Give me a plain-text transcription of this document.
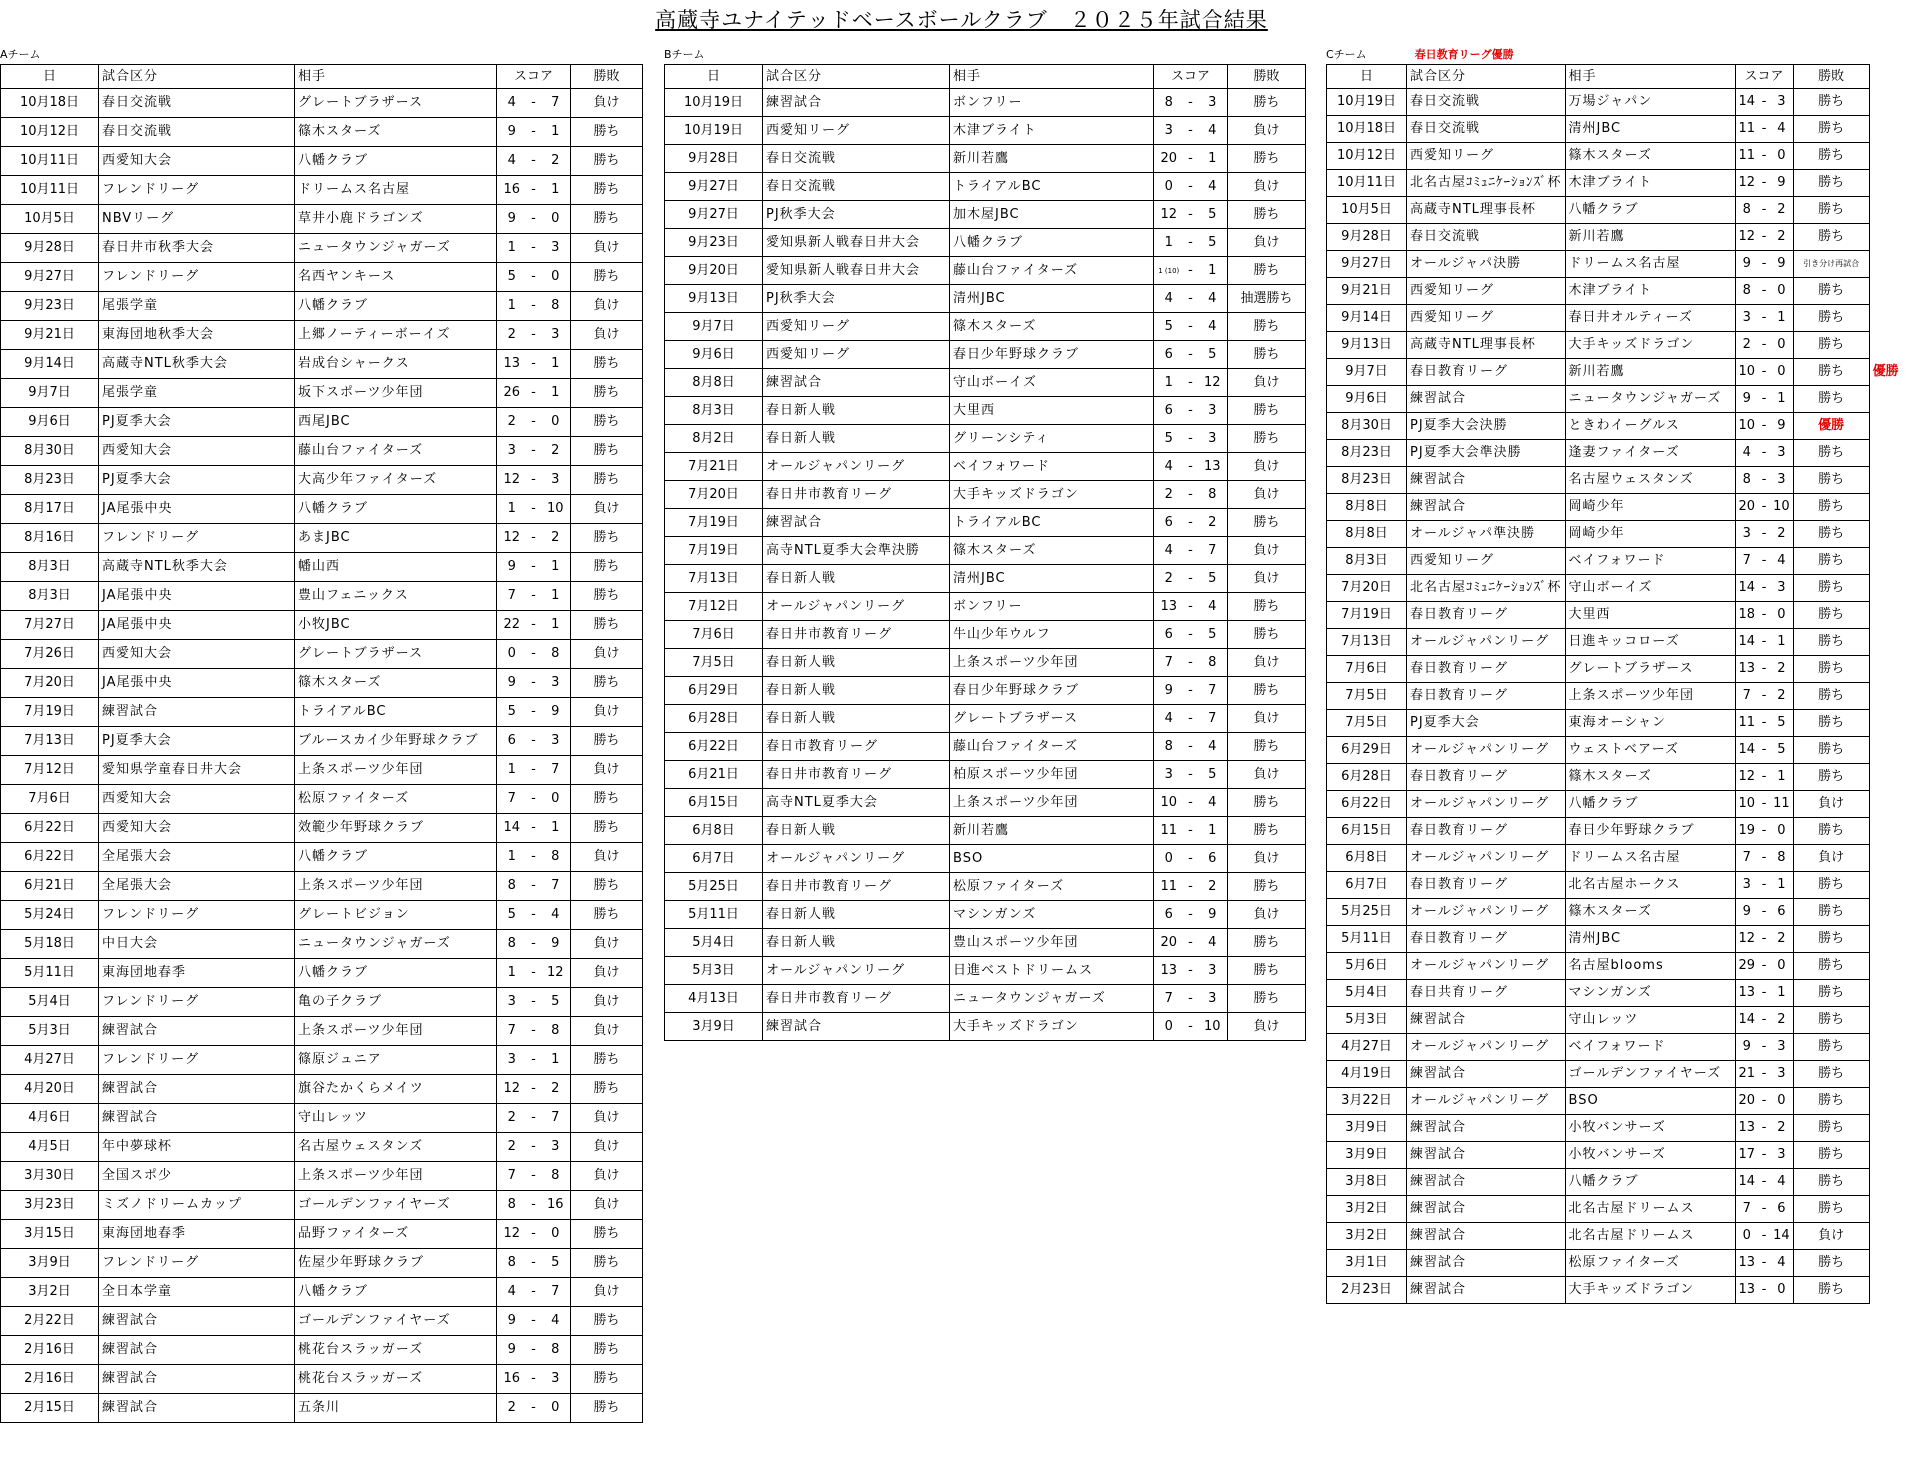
高蔵寺ユナイテッドベースボールクラブ　２０２５年試合結果
Aチーム
日	試合区分	相手	スコア			勝敗
10月18日	春日交流戦	グレートブラザース	4	-	7	負け
10月12日	春日交流戦	篠木スターズ	9	-	1	勝ち
10月11日	西愛知大会	八幡クラブ	4	-	2	勝ち
10月11日	フレンドリーグ	ドリームス名古屋	16	-	1	勝ち
10月5日	NBVリーグ	草井小鹿ドラゴンズ	9	-	0	勝ち
9月28日	春日井市秋季大会	ニュータウンジャガーズ	1	-	3	負け
9月27日	フレンドリーグ	名西ヤンキース	5	-	0	勝ち
9月23日	尾張学童	八幡クラブ	1	-	8	負け
9月21日	東海団地秋季大会	上郷ノーティーボーイズ	2	-	3	負け
9月14日	高蔵寺NTL秋季大会	岩成台シャークス	13	-	1	勝ち
9月7日	尾張学童	坂下スポーツ少年団	26	-	1	勝ち
9月6日	PJ夏季大会	西尾JBC	2	-	0	勝ち
8月30日	西愛知大会	藤山台ファイターズ	3	-	2	勝ち
8月23日	PJ夏季大会	大高少年ファイターズ	12	-	3	勝ち
8月17日	JA尾張中央	八幡クラブ	1	-	10	負け
8月16日	フレンドリーグ	あまJBC	12	-	2	勝ち
8月3日	高蔵寺NTL秋季大会	幡山西	9	-	1	勝ち
8月3日	JA尾張中央	豊山フェニックス	7	-	1	勝ち
7月27日	JA尾張中央	小牧JBC	22	-	1	勝ち
7月26日	西愛知大会	グレートブラザース	0	-	8	負け
7月20日	JA尾張中央	篠木スターズ	9	-	3	勝ち
7月19日	練習試合	トライアルBC	5	-	9	負け
7月13日	PJ夏季大会	ブルースカイ少年野球クラブ	6	-	3	勝ち
7月12日	愛知県学童春日井大会	上条スポーツ少年団	1	-	7	負け
7月6日	西愛知大会	松原ファイターズ	7	-	0	勝ち
6月22日	西愛知大会	效範少年野球クラブ	14	-	1	勝ち
6月22日	全尾張大会	八幡クラブ	1	-	8	負け
6月21日	全尾張大会	上条スポーツ少年団	8	-	7	勝ち
5月24日	フレンドリーグ	グレートビジョン	5	-	4	勝ち
5月18日	中日大会	ニュータウンジャガーズ	8	-	9	負け
5月11日	東海団地春季	八幡クラブ	1	-	12	負け
5月4日	フレンドリーグ	亀の子クラブ	3	-	5	負け
5月3日	練習試合	上条スポーツ少年団	7	-	8	負け
4月27日	フレンドリーグ	篠原ジュニア	3	-	1	勝ち
4月20日	練習試合	旗谷たかくらメイツ	12	-	2	勝ち
4月6日	練習試合	守山レッツ	2	-	7	負け
4月5日	年中夢球杯	名古屋ウェスタンズ	2	-	3	負け
3月30日	全国スポ少	上条スポーツ少年団	7	-	8	負け
3月23日	ミズノドリームカップ	ゴールデンファイヤーズ	8	-	16	負け
3月15日	東海団地春季	品野ファイターズ	12	-	0	勝ち
3月9日	フレンドリーグ	佐屋少年野球クラブ	8	-	5	勝ち
3月2日	全日本学童	八幡クラブ	4	-	7	負け
2月22日	練習試合	ゴールデンファイヤーズ	9	-	4	勝ち
2月16日	練習試合	桃花台スラッガーズ	9	-	8	勝ち
2月16日	練習試合	桃花台スラッガーズ	16	-	3	勝ち
2月15日	練習試合	五条川	2	-	0	勝ち
Bチーム
日	試合区分	相手	スコア			勝敗
10月19日	練習試合	ボンフリー	8	-	3	勝ち
10月19日	西愛知リーグ	木津ブライト	3	-	4	負け
9月28日	春日交流戦	新川若鷹	20	-	1	勝ち
9月27日	春日交流戦	トライアルBC	0	-	4	負け
9月27日	PJ秋季大会	加木屋JBC	12	-	5	勝ち
9月23日	愛知県新人戦春日井大会	八幡クラブ	1	-	5	負け
9月20日	愛知県新人戦春日井大会	藤山台ファイターズ	1 (10)	-	1	勝ち
9月13日	PJ秋季大会	清州JBC	4	-	4	抽選勝ち
9月7日	西愛知リーグ	篠木スターズ	5	-	4	勝ち
9月6日	西愛知リーグ	春日少年野球クラブ	6	-	5	勝ち
8月8日	練習試合	守山ボーイズ	1	-	12	負け
8月3日	春日新人戦	大里西	6	-	3	勝ち
8月2日	春日新人戦	グリーンシティ	5	-	3	勝ち
7月21日	オールジャパンリーグ	ベイフォワード	4	-	13	負け
7月20日	春日井市教育リーグ	大手キッズドラゴン	2	-	8	負け
7月19日	練習試合	トライアルBC	6	-	2	勝ち
7月19日	高寺NTL夏季大会準決勝	篠木スターズ	4	-	7	負け
7月13日	春日新人戦	清州JBC	2	-	5	負け
7月12日	オールジャパンリーグ	ボンフリー	13	-	4	勝ち
7月6日	春日井市教育リーグ	牛山少年ウルフ	6	-	5	勝ち
7月5日	春日新人戦	上条スポーツ少年団	7	-	8	負け
6月29日	春日新人戦	春日少年野球クラブ	9	-	7	勝ち
6月28日	春日新人戦	グレートブラザース	4	-	7	負け
6月22日	春日市教育リーグ	藤山台ファイターズ	8	-	4	勝ち
6月21日	春日井市教育リーグ	柏原スポーツ少年団	3	-	5	負け
6月15日	高寺NTL夏季大会	上条スポーツ少年団	10	-	4	勝ち
6月8日	春日新人戦	新川若鷹	11	-	1	勝ち
6月7日	オールジャパンリーグ	BSO	0	-	6	負け
5月25日	春日井市教育リーグ	松原ファイターズ	11	-	2	勝ち
5月11日	春日新人戦	マシンガンズ	6	-	9	負け
5月4日	春日新人戦	豊山スポーツ少年団	20	-	4	勝ち
5月3日	オールジャパンリーグ	日進ベストドリームス	13	-	3	勝ち
4月13日	春日井市教育リーグ	ニュータウンジャガーズ	7	-	3	勝ち
3月9日	練習試合	大手キッズドラゴン	0	-	10	負け
Cチーム	春日教育リーグ優勝
日	試合区分	相手	スコア			勝敗	
10月19日	春日交流戦	万場ジャパン	14	-	3	勝ち	
10月18日	春日交流戦	清州JBC	11	-	4	勝ち	
10月12日	西愛知リーグ	篠木スターズ	11	-	0	勝ち	
10月11日	北名古屋ｺﾐｭﾆｹｰｼｮﾝｽﾞ杯	木津ブライト	12	-	9	勝ち	
10月5日	高蔵寺NTL理事長杯	八幡クラブ	8	-	2	勝ち	
9月28日	春日交流戦	新川若鷹	12	-	2	勝ち	
9月27日	オールジャパ決勝	ドリームス名古屋	9	-	9	引き分け再試合	
9月21日	西愛知リーグ	木津ブライト	8	-	0	勝ち	
9月14日	西愛知リーグ	春日井オルティーズ	3	-	1	勝ち	
9月13日	高蔵寺NTL理事長杯	大手キッズドラゴン	2	-	0	勝ち	
9月7日	春日教育リーグ	新川若鷹	10	-	0	勝ち	優勝
9月6日	練習試合	ニュータウンジャガーズ	9	-	1	勝ち	
8月30日	PJ夏季大会決勝	ときわイーグルス	10	-	9	優勝	
8月23日	PJ夏季大会準決勝	逢妻ファイターズ	4	-	3	勝ち	
8月23日	練習試合	名古屋ウェスタンズ	8	-	3	勝ち	
8月8日	練習試合	岡崎少年	20	-	10	勝ち	
8月8日	オールジャパ準決勝	岡崎少年	3	-	2	勝ち	
8月3日	西愛知リーグ	ベイフォワード	7	-	4	勝ち	
7月20日	北名古屋ｺﾐｭﾆｹｰｼｮﾝｽﾞ杯	守山ボーイズ	14	-	3	勝ち	
7月19日	春日教育リーグ	大里西	18	-	0	勝ち	
7月13日	オールジャパンリーグ	日進キッコローズ	14	-	1	勝ち	
7月6日	春日教育リーグ	グレートブラザース	13	-	2	勝ち	
7月5日	春日教育リーグ	上条スポーツ少年団	7	-	2	勝ち	
7月5日	PJ夏季大会	東海オーシャン	11	-	5	勝ち	
6月29日	オールジャパンリーグ	ウェストベアーズ	14	-	5	勝ち	
6月28日	春日教育リーグ	篠木スターズ	12	-	1	勝ち	
6月22日	オールジャパンリーグ	八幡クラブ	10	-	11	負け	
6月15日	春日教育リーグ	春日少年野球クラブ	19	-	0	勝ち	
6月8日	オールジャパンリーグ	ドリームス名古屋	7	-	8	負け	
6月7日	春日教育リーグ	北名古屋ホークス	3	-	1	勝ち	
5月25日	オールジャパンリーグ	篠木スターズ	9	-	6	勝ち	
5月11日	春日教育リーグ	清州JBC	12	-	2	勝ち	
5月6日	オールジャパンリーグ	名古屋blooms	29	-	0	勝ち	
5月4日	春日共育リーグ	マシンガンズ	13	-	1	勝ち	
5月3日	練習試合	守山レッツ	14	-	2	勝ち	
4月27日	オールジャパンリーグ	ベイフォワード	9	-	3	勝ち	
4月19日	練習試合	ゴールデンファイヤーズ	21	-	3	勝ち	
3月22日	オールジャパンリーグ	BSO	20	-	0	勝ち	
3月9日	練習試合	小牧バンサーズ	13	-	2	勝ち	
3月9日	練習試合	小牧バンサーズ	17	-	3	勝ち	
3月8日	練習試合	八幡クラブ	14	-	4	勝ち	
3月2日	練習試合	北名古屋ドリームス	7	-	6	勝ち	
3月2日	練習試合	北名古屋ドリームス	0	-	14	負け	
3月1日	練習試合	松原ファイターズ	13	-	4	勝ち	
2月23日	練習試合	大手キッズドラゴン	13	-	0	勝ち	
